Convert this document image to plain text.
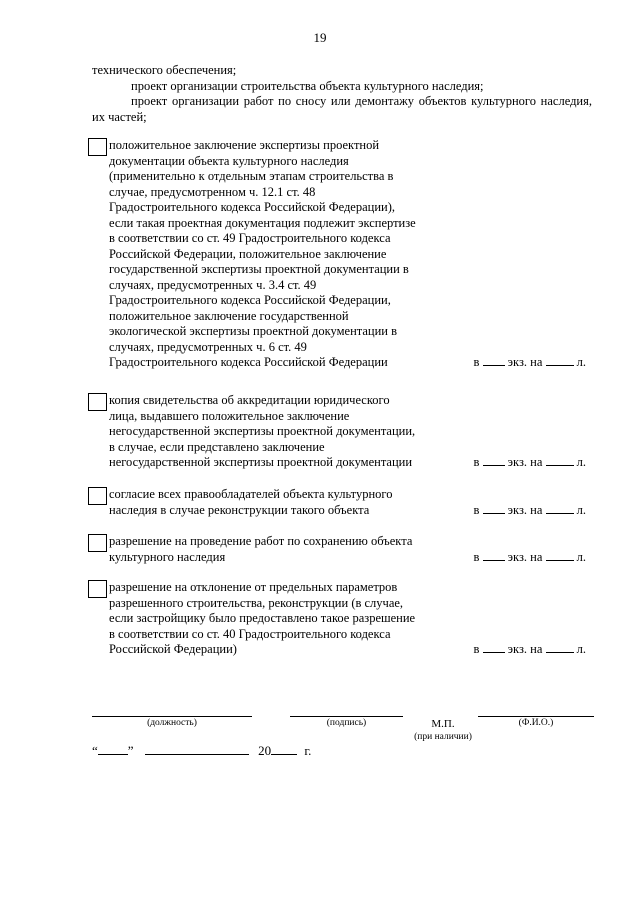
19

технического обеспечения;

проект организации строительства объекта культурного наследия;

проект организации работ по сносу или демонтажу объектов культурного наследия, их частей;

положительное заключение экспертизы проектной
документации объекта культурного наследия
(применительно к отдельным этапам строительства в
случае, предусмотренном ч. 12.1 ст. 48
Градостроительного кодекса Российской Федерации),
если такая проектная документация подлежит экспертизе
в соответствии со ст. 49 Градостроительного кодекса
Российской Федерации, положительное заключение
государственной экспертизы проектной документации в
случаях, предусмотренных ч. 3.4 ст. 49
Градостроительного кодекса Российской Федерации,
положительное заключение государственной
экологической экспертизы проектной документации в
случаях, предусмотренных ч. 6 ст. 49
Градостроительного кодекса Российской Федерации	в экз. на	л.
копия свидетельства об аккредитации юридического
лица, выдавшего положительное заключение
негосударственной экспертизы проектной документации,
в случае, если представлено заключение
негосударственной экспертизы проектной документации	в экз. на	л.
согласие всех правообладателей объекта культурного
наследия в случае реконструкции такого объекта	в экз. на	л.
разрешение на проведение работ по сохранению объекта
культурного наследия	в экз. на	л.
разрешение на отклонение от предельных параметров
разрешенного строительства, реконструкции (в случае,
если застройщику было предоставлено такое разрешение
в соответствии со ст. 40 Градостроительного кодекса
Российской Федерации)	в экз. на	л.
(должность)	(подпись)	М.П.
(при наличии)
(Ф.И.О.)
“ ”	20	г.
